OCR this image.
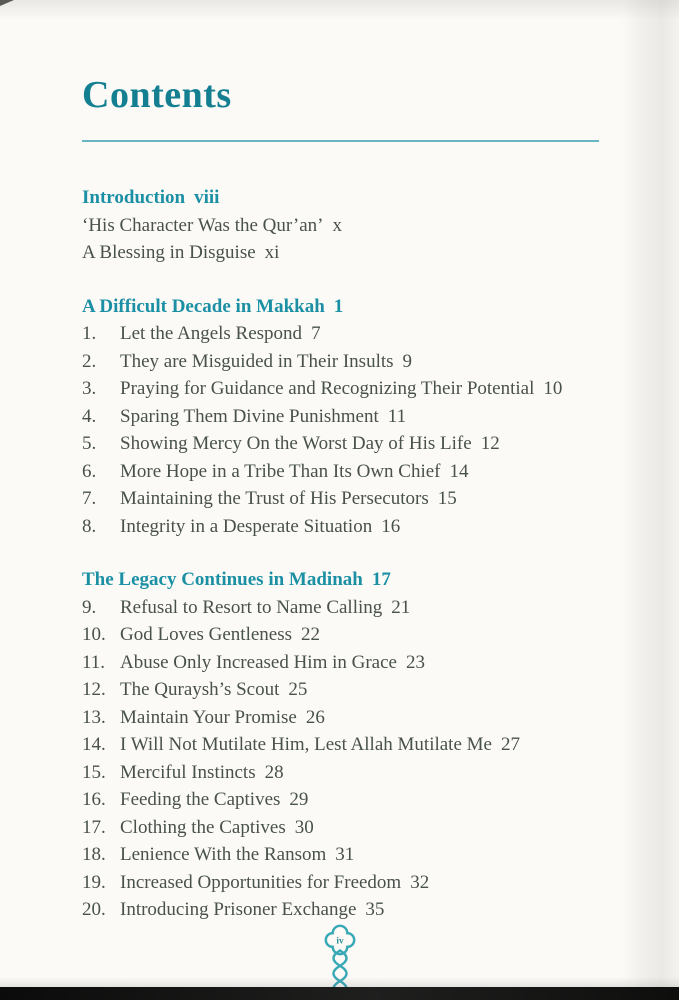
Contents
Introduction viii
‘His Character Was the Qur’an’ x
A Blessing in Disguise xi
A Difficult Decade in Makkah 1
1.	Let the Angels Respond 7
2.	They are Misguided in Their Insults 9
3.	Praying for Guidance and Recognizing Their Potential 10
4.	Sparing Them Divine Punishment 11
5.	Showing Mercy On the Worst Day of His Life 12
6.	More Hope in a Tribe Than Its Own Chief 14
7.	Maintaining the Trust of His Persecutors 15
8.	Integrity in a Desperate Situation 16
The Legacy Continues in Madinah 17
9.	Refusal to Resort to Name Calling 21
10. God Loves Gentleness 22
11. Abuse Only Increased Him in Grace 23
12. The Quraysh’s Scout 25
13. Maintain Your Promise 26
14. I Will Not Mutilate Him, Lest Allah Mutilate Me 27
15. Merciful Instincts 28
16. Feeding the Captives 29
17. Clothing the Captives 30
18. Lenience With the Ransom 31
19. Increased Opportunities for Freedom 32
20. Introducing Prisoner Exchange 35
iv
